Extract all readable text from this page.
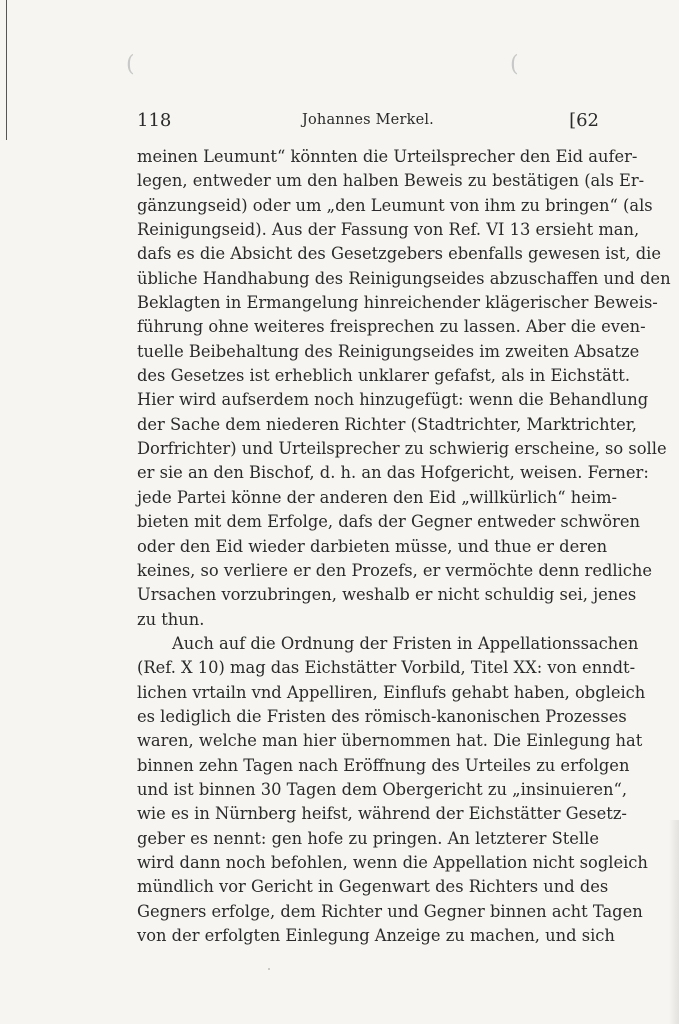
(	(
118	Johannes Merkel.	[62
meinen Leumunt“ könnten die Urteilsprecher den Eid aufer-
legen, entweder um den halben Beweis zu bestätigen (als Er-
gänzungseid) oder um „den Leumunt von ihm zu bringen“ (als
Reinigungseid). Aus der Fassung von Ref. VI 13 ersieht man,
dafs es die Absicht des Gesetzgebers ebenfalls gewesen ist, die
übliche Handhabung des Reinigungseides abzuschaffen und den
Beklagten in Ermangelung hinreichender klägerischer Beweis-
führung ohne weiteres freisprechen zu lassen. Aber die even-
tuelle Beibehaltung des Reinigungseides im zweiten Absatze
des Gesetzes ist erheblich unklarer gefafst, als in Eichstätt.
Hier wird aufserdem noch hinzugefügt: wenn die Behandlung
der Sache dem niederen Richter (Stadtrichter, Marktrichter,
Dorfrichter) und Urteilsprecher zu schwierig erscheine, so solle
er sie an den Bischof, d. h. an das Hofgericht, weisen. Ferner:
jede Partei könne der anderen den Eid „willkürlich“ heim-
bieten mit dem Erfolge, dafs der Gegner entweder schwören
oder den Eid wieder darbieten müsse, und thue er deren
keines, so verliere er den Prozefs, er vermöchte denn redliche
Ursachen vorzubringen, weshalb er nicht schuldig sei, jenes
zu thun.
Auch auf die Ordnung der Fristen in Appellationssachen
(Ref. X 10) mag das Eichstätter Vorbild, Titel XX: von enndt-
lichen vrtailn vnd Appelliren, Einflufs gehabt haben, obgleich
es lediglich die Fristen des römisch-kanonischen Prozesses
waren, welche man hier übernommen hat. Die Einlegung hat
binnen zehn Tagen nach Eröffnung des Urteiles zu erfolgen
und ist binnen 30 Tagen dem Obergericht zu „insinuieren“,
wie es in Nürnberg heifst, während der Eichstätter Gesetz-
geber es nennt: gen hofe zu pringen. An letzterer Stelle
wird dann noch befohlen, wenn die Appellation nicht sogleich
mündlich vor Gericht in Gegenwart des Richters und des
Gegners erfolge, dem Richter und Gegner binnen acht Tagen
von der erfolgten Einlegung Anzeige zu machen, und sich
